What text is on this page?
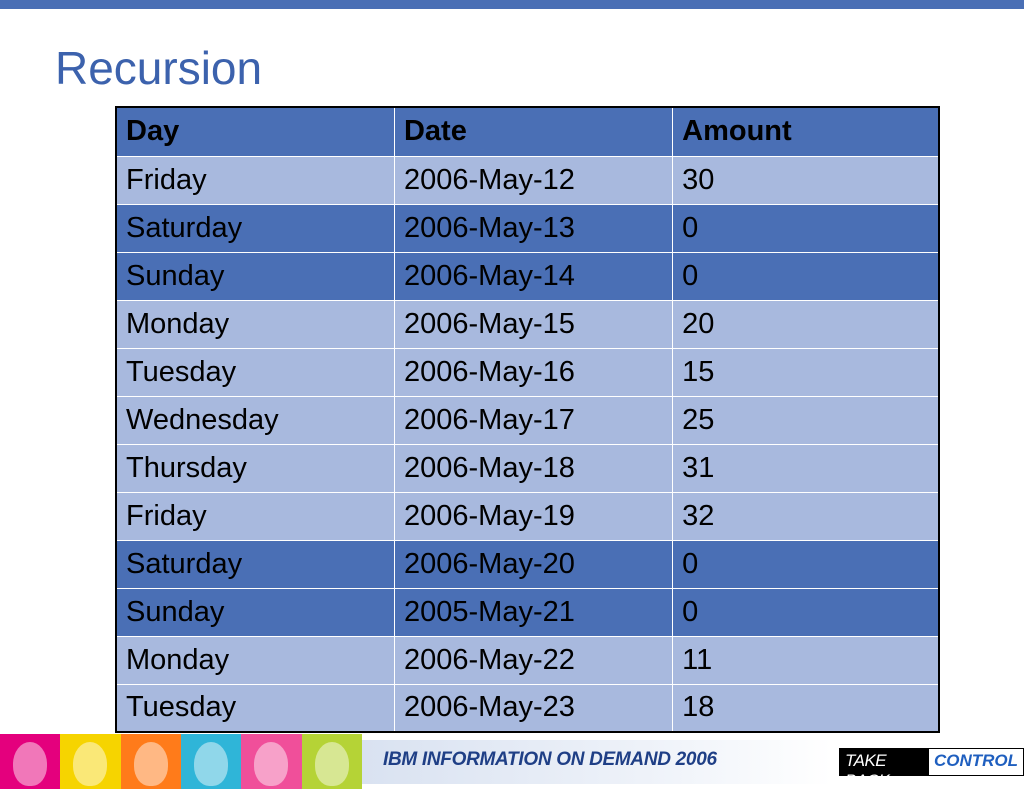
Recursion
Day	Date	Amount
Friday	2006-May-12	30
Saturday	2006-May-13	0
Sunday	2006-May-14	0
Monday	2006-May-15	20
Tuesday	2006-May-16	15
Wednesday	2006-May-17	25
Thursday	2006-May-18	31
Friday	2006-May-19	32
Saturday	2006-May-20	0
Sunday	2005-May-21	0
Monday	2006-May-22	11
Tuesday	2006-May-23	18
IBM INFORMATION ON DEMAND 2006	TAKE BACK
CONTROL
